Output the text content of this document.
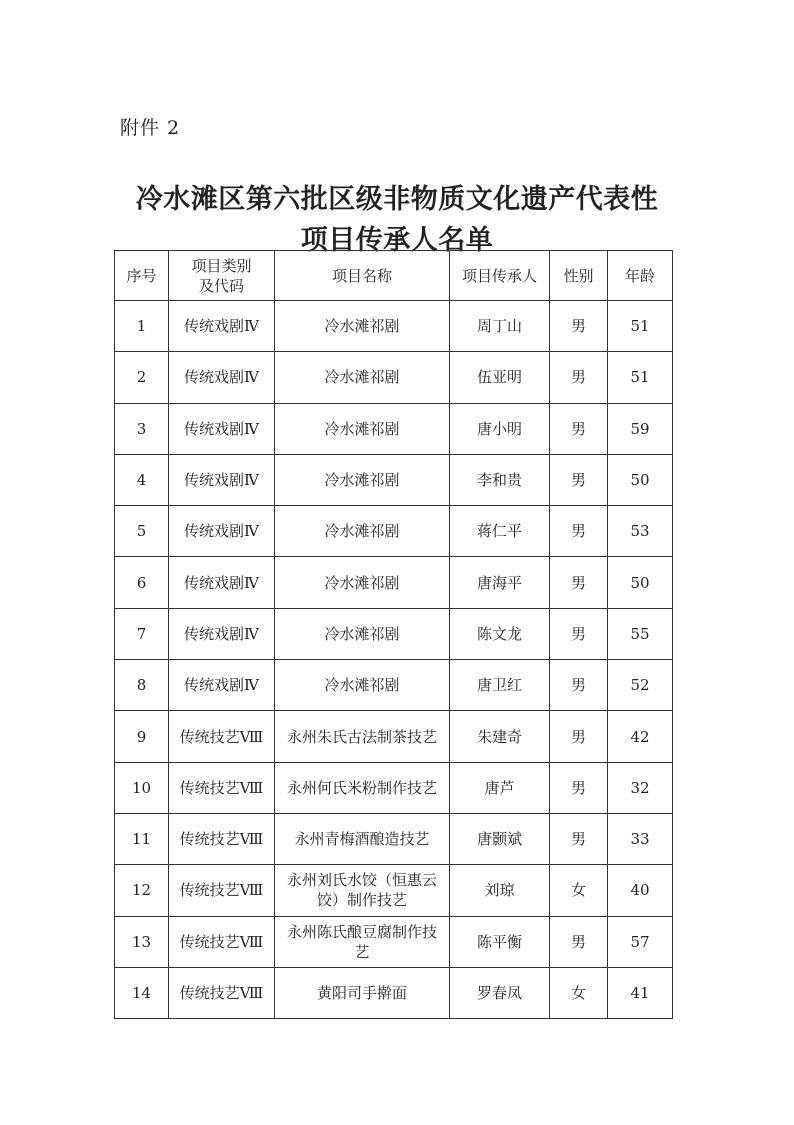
附件 2
冷水滩区第六批区级非物质文化遗产代表性
项目传承人名单
序号	项目类别及代码	项目名称	项目传承人	性别	年龄
1	传统戏剧Ⅳ	冷水滩祁剧	周丁山	男	51
2	传统戏剧Ⅳ	冷水滩祁剧	伍亚明	男	51
3	传统戏剧Ⅳ	冷水滩祁剧	唐小明	男	59
4	传统戏剧Ⅳ	冷水滩祁剧	李和贵	男	50
5	传统戏剧Ⅳ	冷水滩祁剧	蒋仁平	男	53
6	传统戏剧Ⅳ	冷水滩祁剧	唐海平	男	50
7	传统戏剧Ⅳ	冷水滩祁剧	陈文龙	男	55
8	传统戏剧Ⅳ	冷水滩祁剧	唐卫红	男	52
9	传统技艺Ⅷ	永州朱氏古法制茶技艺	朱建奇	男	42
10	传统技艺Ⅷ	永州何氏米粉制作技艺	唐芦	男	32
11	传统技艺Ⅷ	永州青梅酒酿造技艺	唐颢斌	男	33
12	传统技艺Ⅷ	永州刘氏水饺（恒惠云饺）制作技艺	刘琼	女	40
13	传统技艺Ⅷ	永州陈氏酿豆腐制作技艺	陈平衡	男	57
14	传统技艺Ⅷ	黄阳司手擀面	罗春凤	女	41
